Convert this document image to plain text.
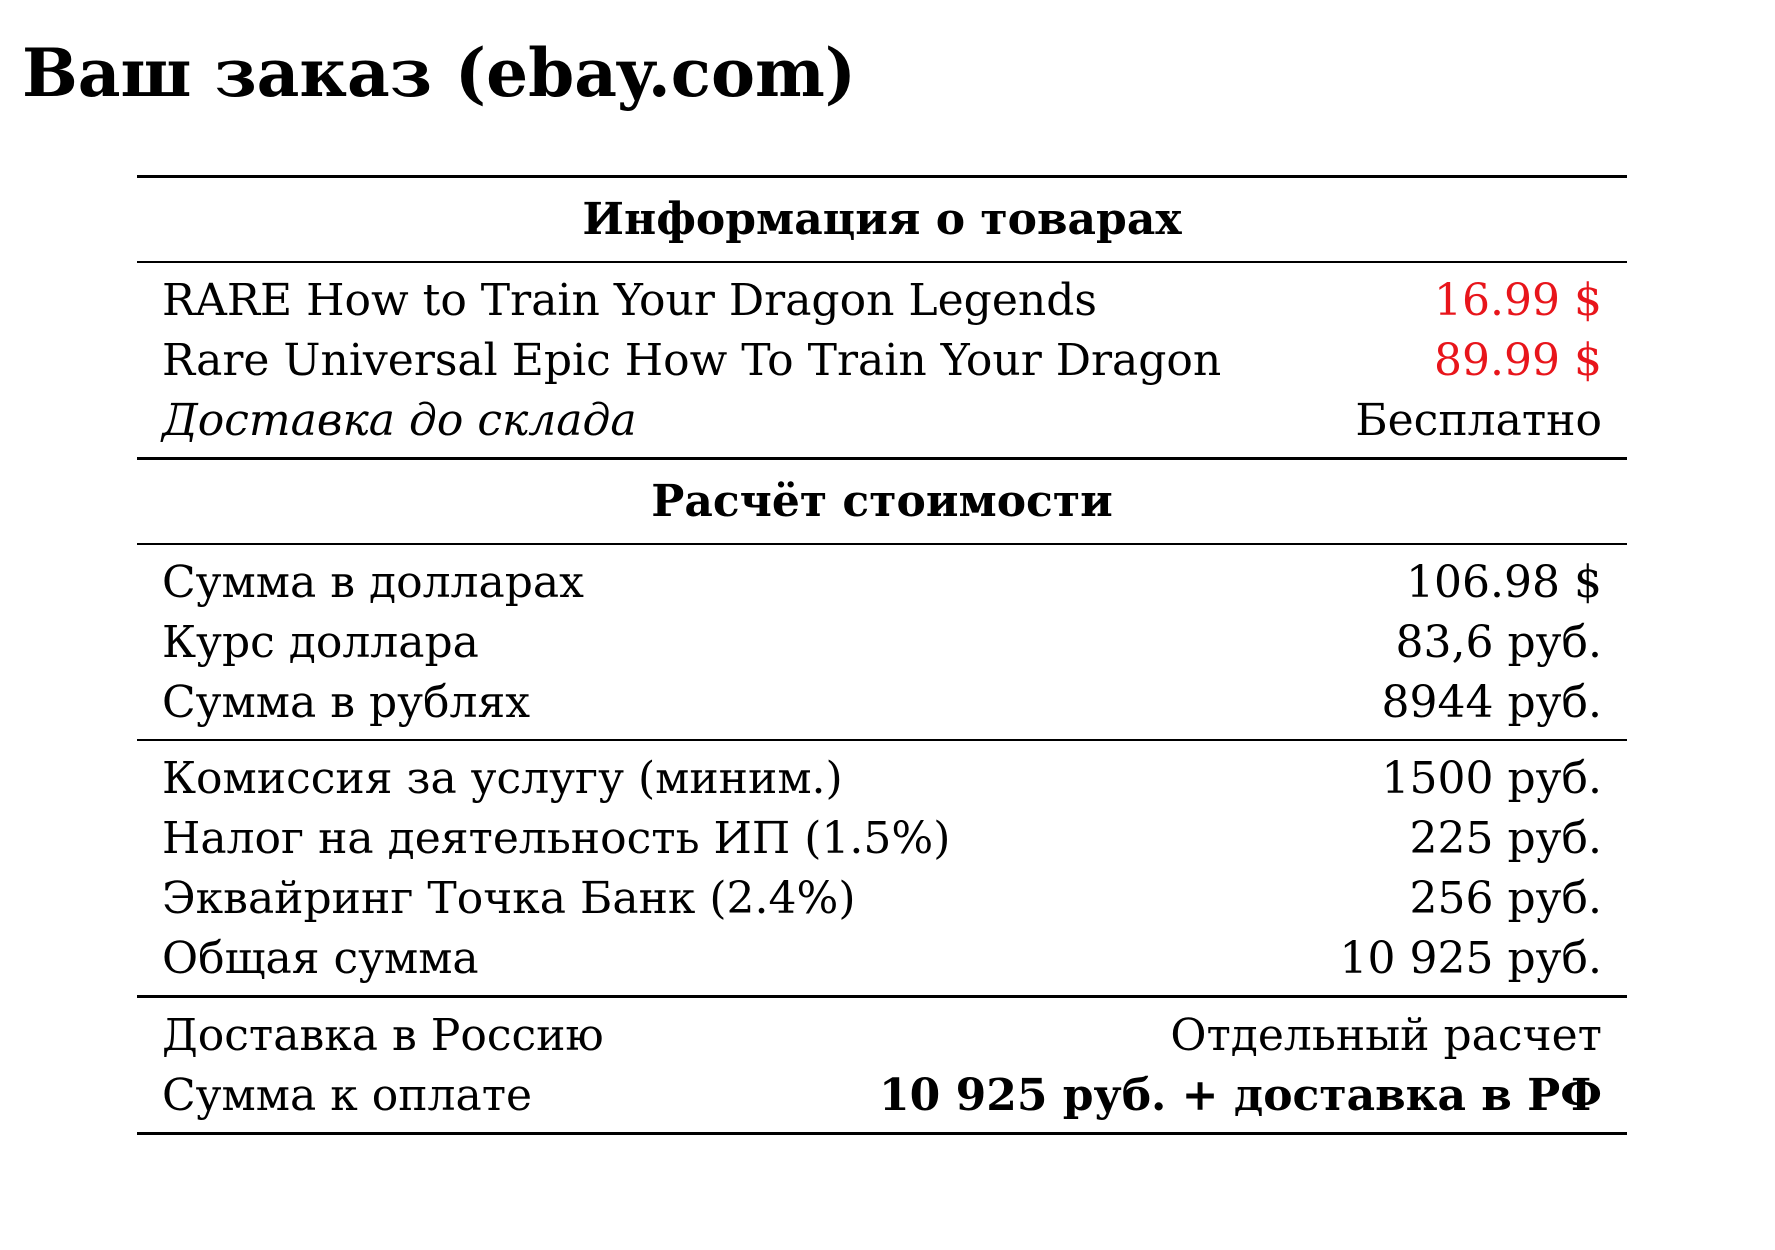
Ваш заказ (ebay.com)
Информация о товарах
RARE How to Train Your Dragon Legends	16.99 $
Rare Universal Epic How To Train Your Dragon	89.99 $
Доставка до склада	Бесплатно
Расчёт стоимости
Сумма в долларах	106.98 $
Курс доллара	83,6 руб.
Сумма в рублях	8944 руб.
Комиссия за услугу (миним.)	1500 руб.
Налог на деятельность ИП (1.5%)	225 руб.
Эквайринг Точка Банк (2.4%)	256 руб.
Общая сумма	10 925 руб.
Доставка в Россию	Отдельный расчет
Сумма к оплате	10 925 руб. + доставка в РФ
